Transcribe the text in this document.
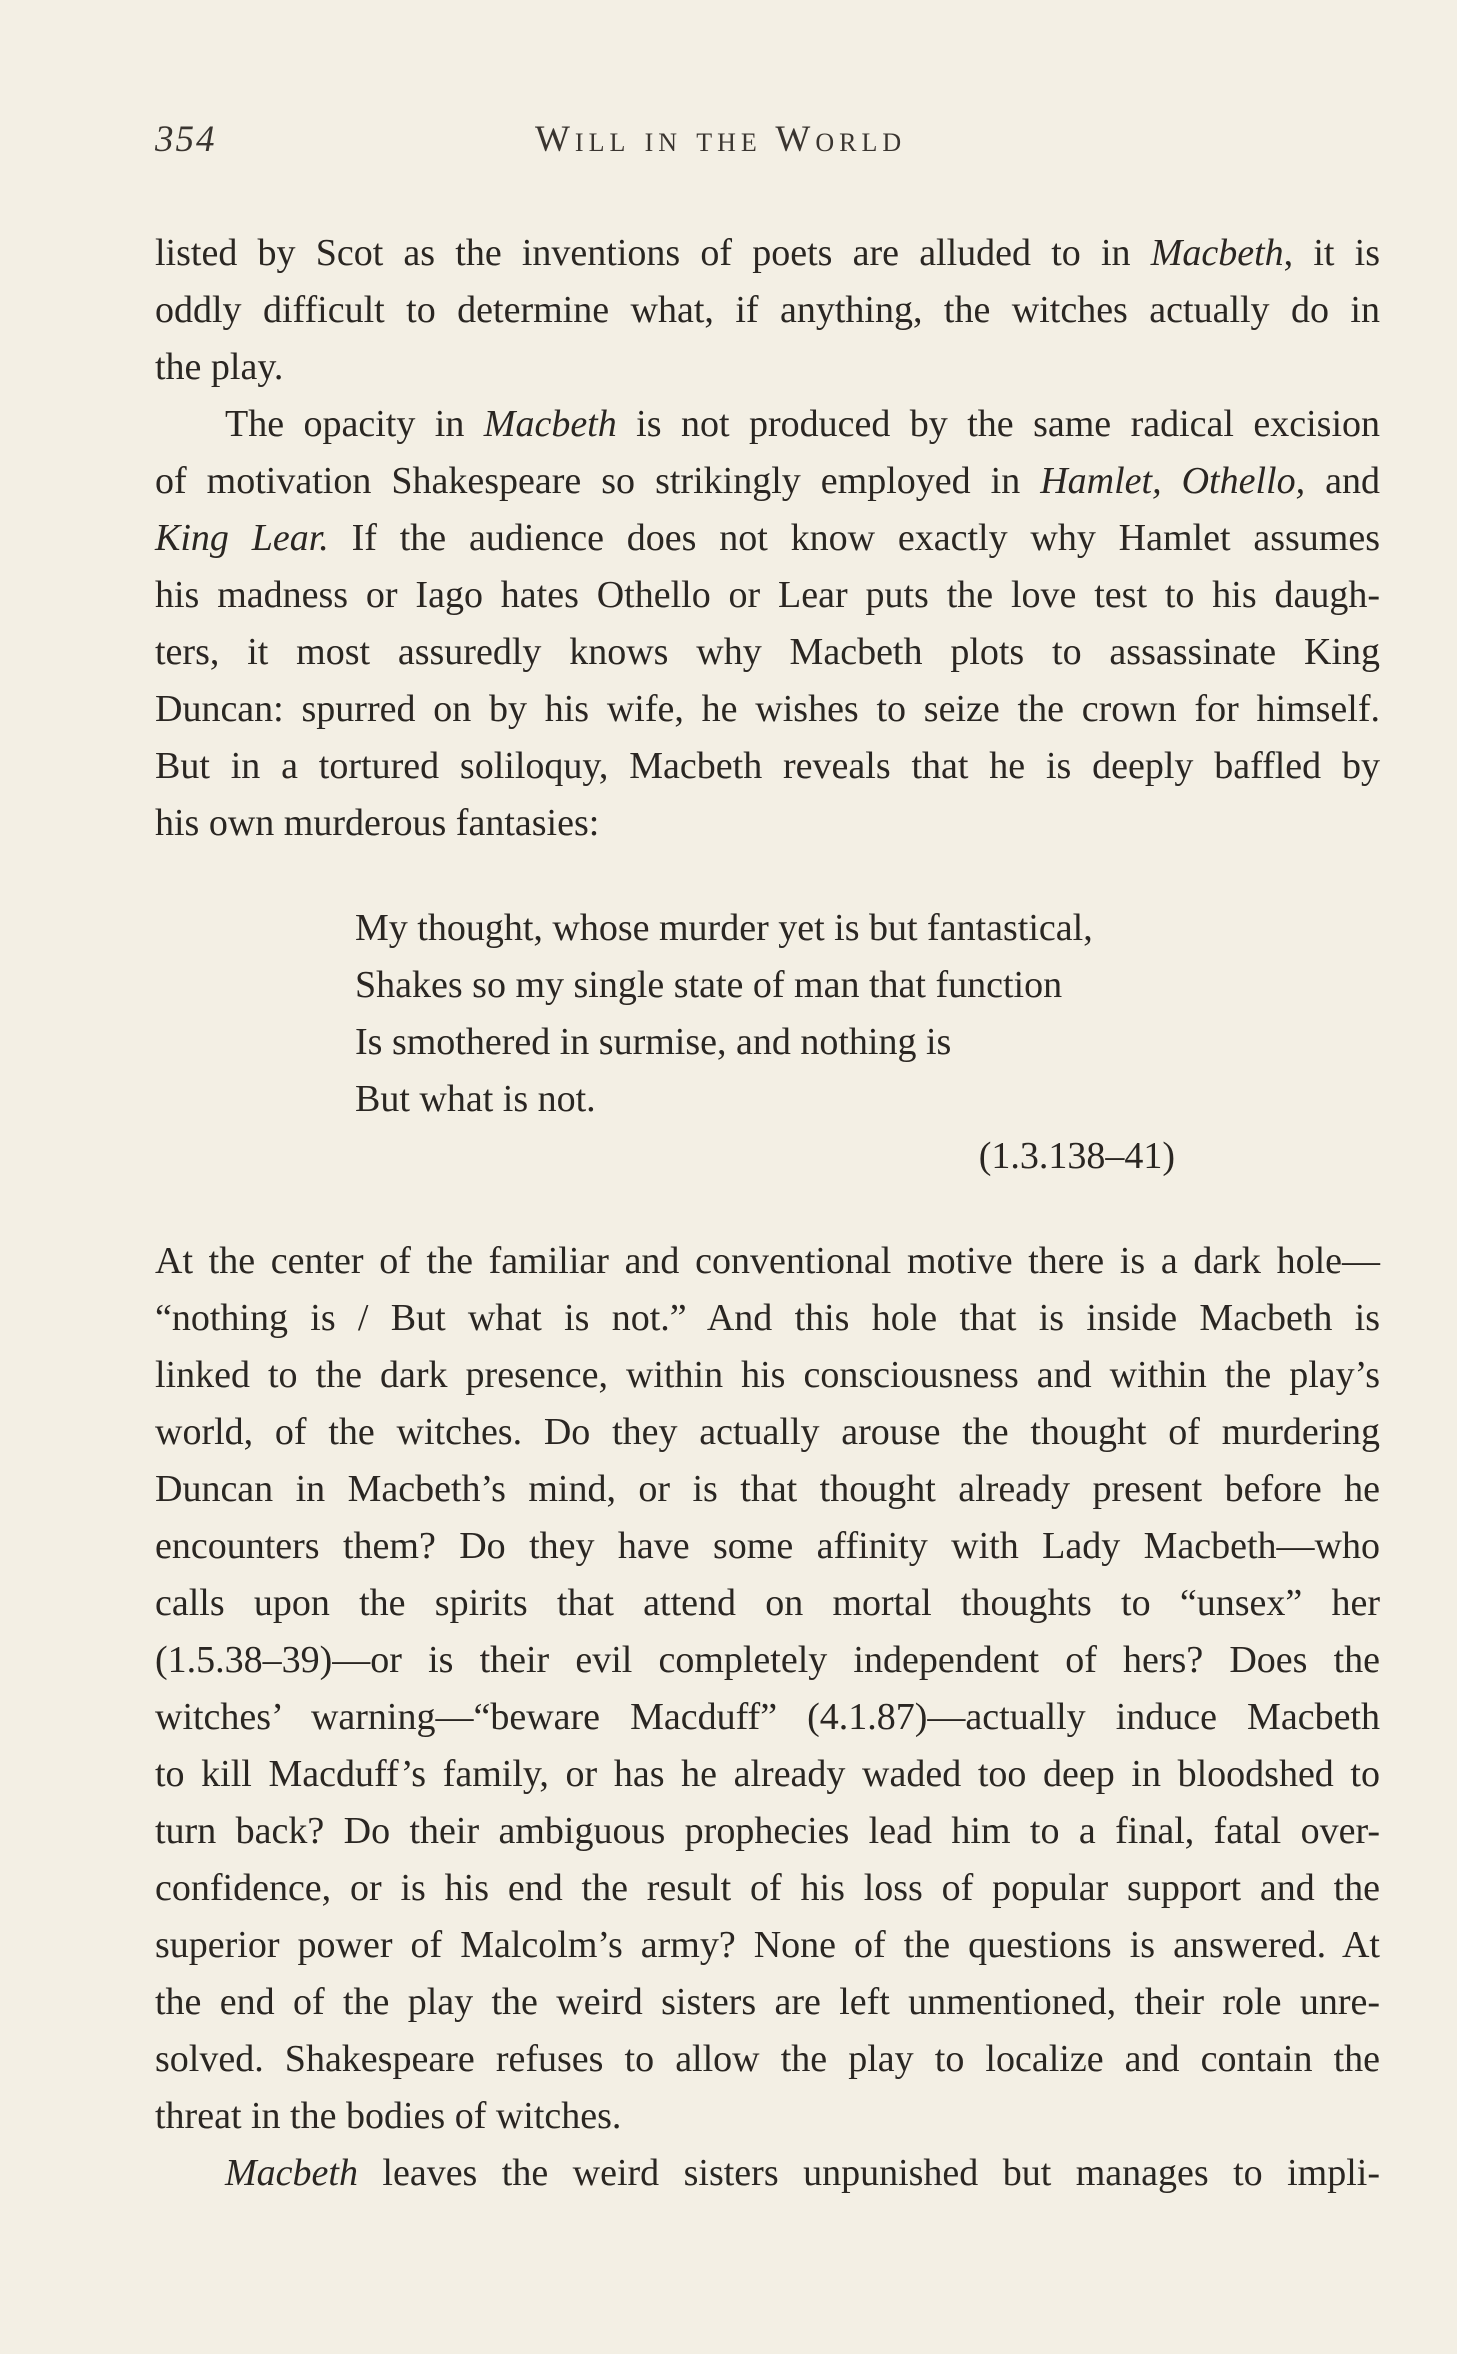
354	Will in the World
listed by Scot as the inventions of poets are alluded to in Macbeth, it is
oddly difficult to determine what, if anything, the witches actually do in
the play.
The opacity in Macbeth is not produced by the same radical excision
of motivation Shakespeare so strikingly employed in Hamlet, Othello, and
King Lear. If the audience does not know exactly why Hamlet assumes
his madness or Iago hates Othello or Lear puts the love test to his daugh-
ters, it most assuredly knows why Macbeth plots to assassinate King
Duncan: spurred on by his wife, he wishes to seize the crown for himself.
But in a tortured soliloquy, Macbeth reveals that he is deeply baffled by
his own murderous fantasies:
My thought, whose murder yet is but fantastical,
Shakes so my single state of man that function
Is smothered in surmise, and nothing is
But what is not.
(1.3.138–41)
At the center of the familiar and conventional motive there is a dark hole—
“nothing is / But what is not.” And this hole that is inside Macbeth is
linked to the dark presence, within his consciousness and within the play’s
world, of the witches. Do they actually arouse the thought of murdering
Duncan in Macbeth’s mind, or is that thought already present before he
encounters them? Do they have some affinity with Lady Macbeth—who
calls upon the spirits that attend on mortal thoughts to “unsex” her
(1.5.38–39)—or is their evil completely independent of hers? Does the
witches’ warning—“beware Macduff” (4.1.87)—actually induce Macbeth
to kill Macduff’s family, or has he already waded too deep in bloodshed to
turn back? Do their ambiguous prophecies lead him to a final, fatal over-
confidence, or is his end the result of his loss of popular support and the
superior power of Malcolm’s army? None of the questions is answered. At
the end of the play the weird sisters are left unmentioned, their role unre-
solved. Shakespeare refuses to allow the play to localize and contain the
threat in the bodies of witches.
Macbeth leaves the weird sisters unpunished but manages to impli-
